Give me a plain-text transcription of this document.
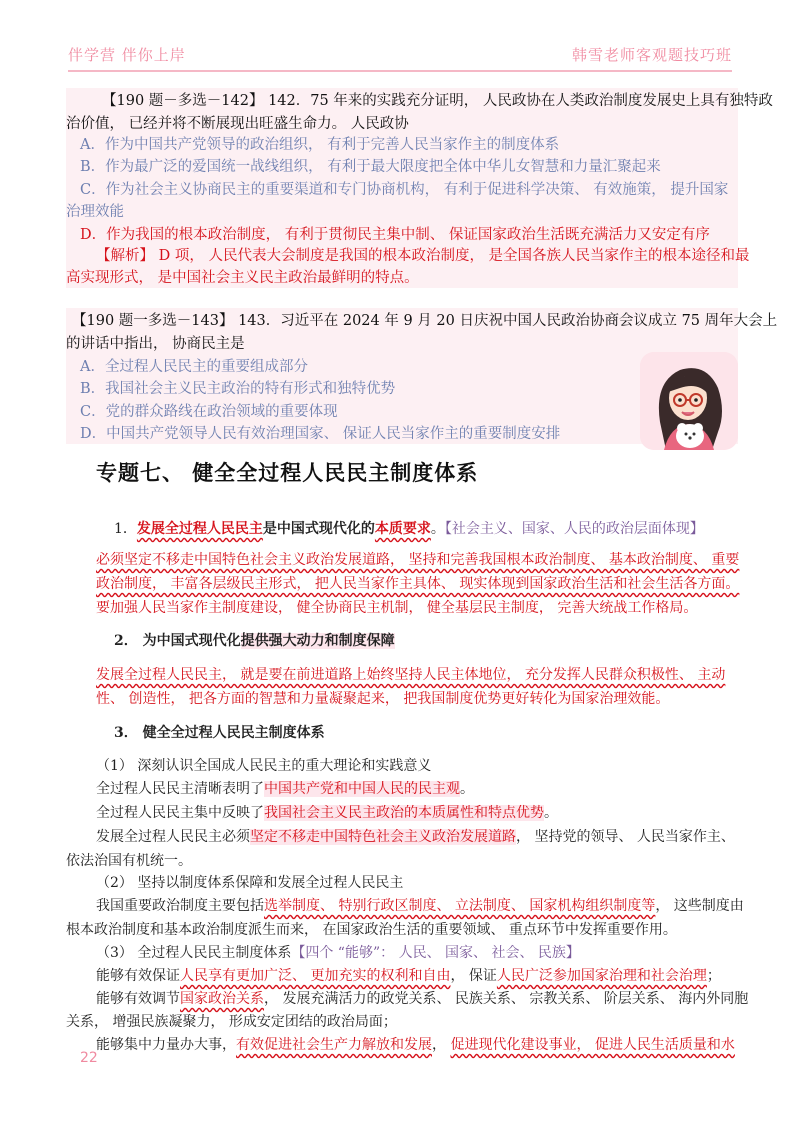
伴学营 伴你上岸	韩雪老师客观题技巧班
【190 题－多选－142】 142．75 年来的实践充分证明， 人民政协在人类政治制度发展史上具有独特政
治价值， 已经并将不断展现出旺盛生命力。 人民政协
A．作为中国共产党领导的政治组织， 有利于完善人民当家作主的制度体系
B．作为最广泛的爱国统一战线组织， 有利于最大限度把全体中华儿女智慧和力量汇聚起来
C．作为社会主义协商民主的重要渠道和专门协商机构， 有利于促进科学决策、 有效施策， 提升国家
治理效能
D．作为我国的根本政治制度， 有利于贯彻民主集中制、 保证国家政治生活既充满活力又安定有序
【解析】 D 项， 人民代表大会制度是我国的根本政治制度， 是全国各族人民当家作主的根本途径和最
高实现形式， 是中国社会主义民主政治最鲜明的特点。
【190 题一多选－143】 143．习近平在 2024 年 9 月 20 日庆祝中国人民政治协商会议成立 75 周年大会上
的讲话中指出， 协商民主是
A．全过程人民民主的重要组成部分
B．我国社会主义民主政治的特有形式和独特优势
C．党的群众路线在政治领域的重要体现
D．中国共产党领导人民有效治理国家、 保证人民当家作主的重要制度安排
专题七、 健全全过程人民民主制度体系
1．发展全过程人民民主是中国式现代化的本质要求。【社会主义、国家、人民的政治层面体现】
必须坚定不移走中国特色社会主义政治发展道路， 坚持和完善我国根本政治制度、 基本政治制度、 重要
政治制度， 丰富各层级民主形式， 把人民当家作主具体、 现实体现到国家政治生活和社会生活各方面。
要加强人民当家作主制度建设， 健全协商民主机制， 健全基层民主制度， 完善大统战工作格局。
2． 为中国式现代化提供强大动力和制度保障
发展全过程人民民主， 就是要在前进道路上始终坚持人民主体地位， 充分发挥人民群众积极性、 主动
性、 创造性， 把各方面的智慧和力量凝聚起来， 把我国制度优势更好转化为国家治理效能。
3． 健全全过程人民民主制度体系
（1） 深刻认识全国成人民民主的重大理论和实践意义
全过程人民民主清晰表明了中国共产党和中国人民的民主观。
全过程人民民主集中反映了我国社会主义民主政治的本质属性和特点优势。
发展全过程人民民主必须坚定不移走中国特色社会主义政治发展道路， 坚持党的领导、 人民当家作主、
依法治国有机统一。
（2） 坚持以制度体系保障和发展全过程人民民主
我国重要政治制度主要包括选举制度、 特别行政区制度、 立法制度、 国家机构组织制度等， 这些制度由
根本政治制度和基本政治制度派生而来， 在国家政治生活的重要领域、 重点环节中发挥重要作用。
（3） 全过程人民民主制度体系【四个 “能够”： 人民、 国家、 社会、 民族】
能够有效保证人民享有更加广泛、 更加充实的权利和自由， 保证人民广泛参加国家治理和社会治理；
能够有效调节国家政治关系， 发展充满活力的政党关系、 民族关系、 宗教关系、 阶层关系、 海内外同胞
关系， 增强民族凝聚力， 形成安定团结的政治局面；
能够集中力量办大事，有效促进社会生产力解放和发展， 促进现代化建设事业， 促进人民生活质量和水
22
